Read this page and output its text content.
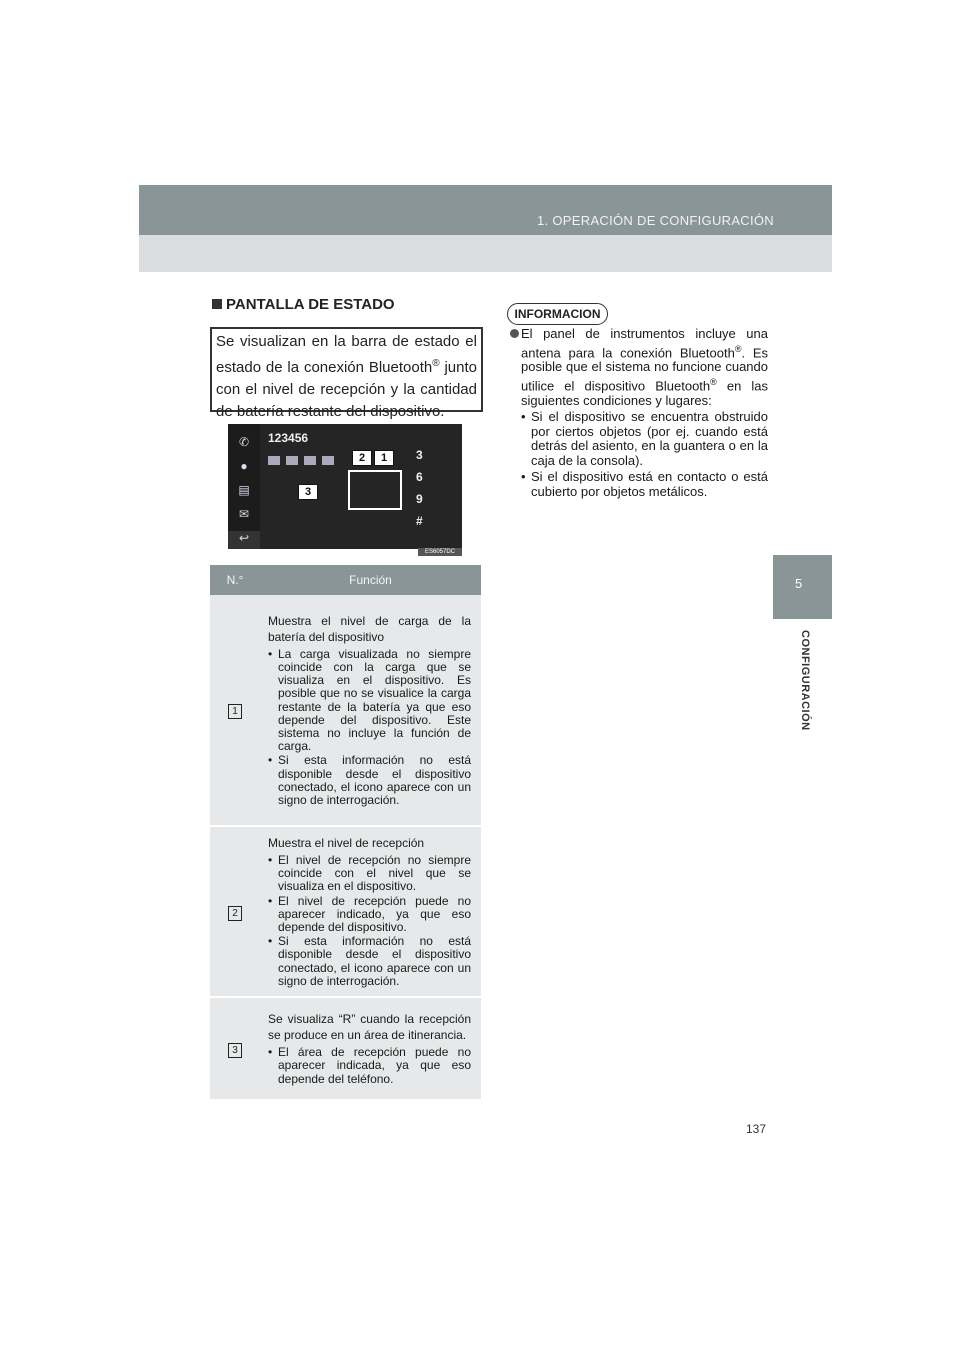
1. OPERACIÓN DE CONFIGURACIÓN
5
CONFIGURACIÓN
PANTALLA DE ESTADO
Se visualizan en la barra de estado el estado de la conexión Bluetooth® junto con el nivel de recepción y la cantidad de batería restante del dispositivo.
✆
●
▤
✉
123456
3
6
9
#
2	1
3
↩
ES6057DC
N.°	Función
1	Muestra el nivel de carga de la batería del dispositivo
• La carga visualizada no siempre coincide con la carga que se visualiza en el dispositivo. Es posible que no se visualice la carga restante de la batería ya que eso depende del dispositivo. Este sistema no incluye la función de carga.
• Si esta información no está disponible desde el dispositivo conectado, el icono aparece con un signo de interrogación.

2	Muestra el nivel de recepción
• El nivel de recepción no siempre coincide con el nivel que se visualiza en el dispositivo.
• El nivel de recepción puede no aparecer indicado, ya que eso depende del dispositivo.
• Si esta información no está disponible desde el dispositivo conectado, el icono aparece con un signo de interrogación.

3	Se visualiza “R” cuando la recepción se produce en un área de itinerancia.
• El área de recepción puede no aparecer indicada, ya que eso depende del teléfono.
INFORMACION
El panel de instrumentos incluye una antena para la conexión Bluetooth®. Es posible que el sistema no funcione cuando utilice el dispositivo Bluetooth® en las siguientes condiciones y lugares:
• Si el dispositivo se encuentra obstruido por ciertos objetos (por ej. cuando está detrás del asiento, en la guantera o en la caja de la consola).
• Si el dispositivo está en contacto o está cubierto por objetos metálicos.
137
